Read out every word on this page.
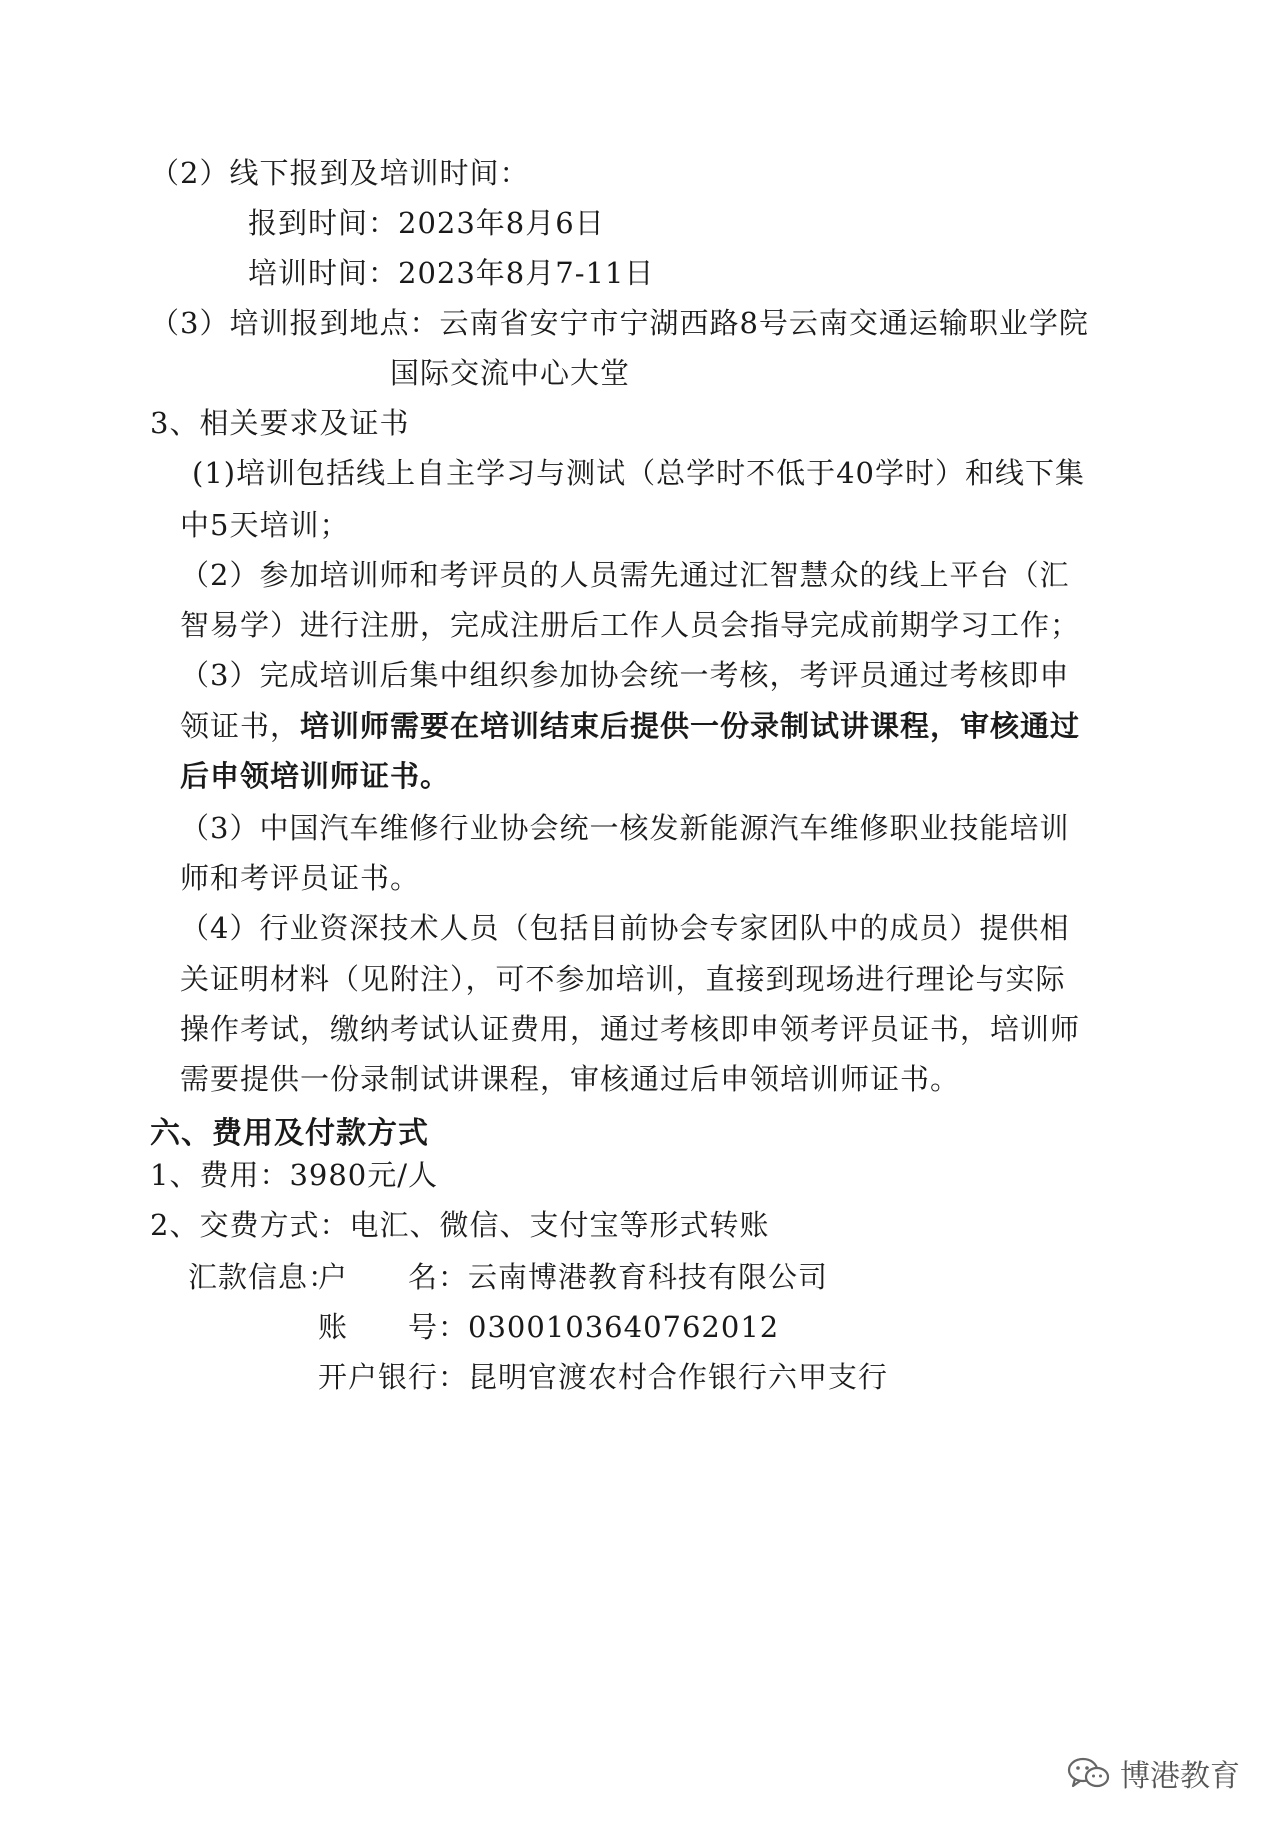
（2）线下报到及培训时间：
报到时间：2023年8月6日
培训时间：2023年8月7-11日
（3）培训报到地点：云南省安宁市宁湖西路8号云南交通运输职业学院
国际交流中心大堂
3、相关要求及证书
(1)培训包括线上自主学习与测试（总学时不低于40学时）和线下集
中5天培训；
（2）参加培训师和考评员的人员需先通过汇智慧众的线上平台（汇
智易学）进行注册，完成注册后工作人员会指导完成前期学习工作；
（3）完成培训后集中组织参加协会统一考核，考评员通过考核即申
领证书，培训师需要在培训结束后提供一份录制试讲课程，审核通过
后申领培训师证书。
（3）中国汽车维修行业协会统一核发新能源汽车维修职业技能培训
师和考评员证书。
（4）行业资深技术人员（包括目前协会专家团队中的成员）提供相
关证明材料（见附注），可不参加培训，直接到现场进行理论与实际
操作考试，缴纳考试认证费用，通过考核即申领考评员证书，培训师
需要提供一份录制试讲课程，审核通过后申领培训师证书。
六、费用及付款方式
1、费用：3980元/人
2、交费方式：电汇、微信、支付宝等形式转账
汇款信息：
户　　名：云南博港教育科技有限公司
账　　号：0300103640762012
开户银行：昆明官渡农村合作银行六甲支行
博港教育
